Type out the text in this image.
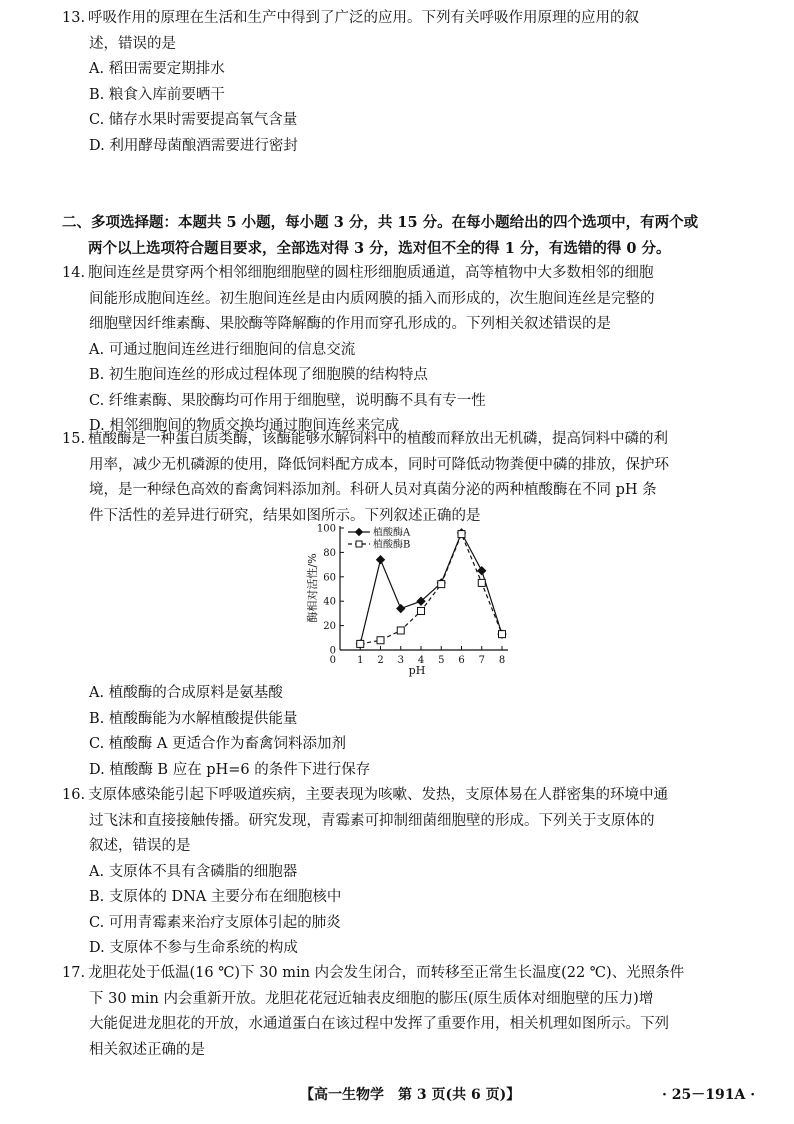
13. 呼吸作用的原理在生活和生产中得到了广泛的应用。下列有关呼吸作用原理的应用的叙

述，错误的是

A. 稻田需要定期排水

B. 粮食入库前要晒干

C. 储存水果时需要提高氧气含量

D. 利用酵母菌酿酒需要进行密封

二、多项选择题：本题共 5 小题，每小题 3 分，共 15 分。在每小题给出的四个选项中，有两个或

两个以上选项符合题目要求，全部选对得 3 分，选对但不全的得 1 分，有选错的得 0 分。

14. 胞间连丝是贯穿两个相邻细胞细胞壁的圆柱形细胞质通道，高等植物中大多数相邻的细胞

间能形成胞间连丝。初生胞间连丝是由内质网膜的插入而形成的，次生胞间连丝是完整的

细胞壁因纤维素酶、果胶酶等降解酶的作用而穿孔形成的。下列相关叙述错误的是

A. 可通过胞间连丝进行细胞间的信息交流

B. 初生胞间连丝的形成过程体现了细胞膜的结构特点

C. 纤维素酶、果胶酶均可作用于细胞壁，说明酶不具有专一性

D. 相邻细胞间的物质交换均通过胞间连丝来完成

15. 植酸酶是一种蛋白质类酶，该酶能够水解饲料中的植酸而释放出无机磷，提高饲料中磷的利

用率，减少无机磷源的使用，降低饲料配方成本，同时可降低动物粪便中磷的排放，保护环

境，是一种绿色高效的畜禽饲料添加剂。科研人员对真菌分泌的两种植酸酶在不同 pH 条

件下活性的差异进行研究，结果如图所示。下列叙述正确的是

0
20
40
60
80
100
0 1 2 3 4 5 6 7 8
植酸酶A
植酸酶B
酶相对活性/%
pH

A. 植酸酶的合成原料是氨基酸

B. 植酸酶能为水解植酸提供能量

C. 植酸酶 A 更适合作为畜禽饲料添加剂

D. 植酸酶 B 应在 pH=6 的条件下进行保存

16. 支原体感染能引起下呼吸道疾病，主要表现为咳嗽、发热，支原体易在人群密集的环境中通

过飞沫和直接接触传播。研究发现，青霉素可抑制细菌细胞壁的形成。下列关于支原体的

叙述，错误的是

A. 支原体不具有含磷脂的细胞器

B. 支原体的 DNA 主要分布在细胞核中

C. 可用青霉素来治疗支原体引起的肺炎

D. 支原体不参与生命系统的构成

17. 龙胆花处于低温(16 ℃)下 30 min 内会发生闭合，而转移至正常生长温度(22 ℃)、光照条件

下 30 min 内会重新开放。龙胆花花冠近轴表皮细胞的膨压(原生质体对细胞壁的压力)增

大能促进龙胆花的开放，水通道蛋白在该过程中发挥了重要作用，相关机理如图所示。下列

相关叙述正确的是

【高一生物学　第 3 页(共 6 页)】	· 25－191A ·
